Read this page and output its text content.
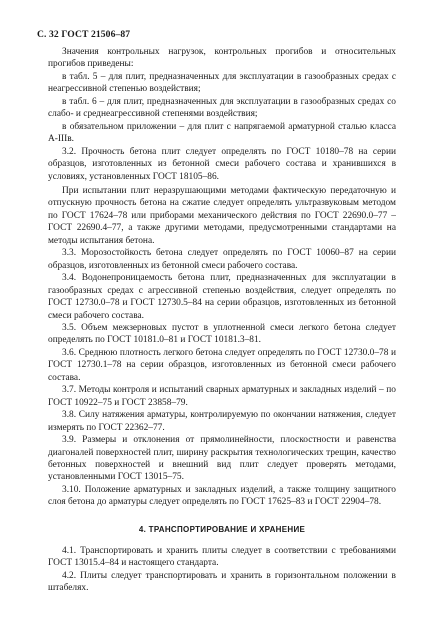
С. 32 ГОСТ 21506–87

Значения контрольных нагрузок, контрольных прогибов и относительных прогибов приведены:

в табл. 5 – для плит, предназначенных для эксплуатации в газообразных средах с неагрессивной степенью воздействия;

в табл. 6 – для плит, предназначенных для эксплуатации в газообразных средах со слабо- и среднеагрессивной степенями воздействия;

в обязательном приложении – для плит с напрягаемой арматурной сталью класса А-IIIв.

3.2. Прочность бетона плит следует определять по ГОСТ 10180–78 на серии образцов, изготовленных из бетонной смеси рабочего состава и хранившихся в условиях, установленных ГОСТ 18105–86.

При испытании плит неразрушающими методами фактическую передаточную и отпускную прочность бетона на сжатие следует определять ультразвуковым методом по ГОСТ 17624–78 или приборами механического действия по ГОСТ 22690.0–77 – ГОСТ 22690.4–77, а также другими методами, предусмотренными стандартами на методы испытания бетона.

3.3. Морозостойкость бетона следует определять по ГОСТ 10060–87 на серии образцов, изготовленных из бетонной смеси рабочего состава.

3.4. Водонепроницаемость бетона плит, предназначенных для эксплуатации в газообразных средах с агрессивной степенью воздействия, следует определять по ГОСТ 12730.0–78 и ГОСТ 12730.5–84 на серии образцов, изготовленных из бетонной смеси рабочего состава.

3.5. Объем межзерновых пустот в уплотненной смеси легкого бетона следует определять по ГОСТ 10181.0–81 и ГОСТ 10181.3–81.

3.6. Среднюю плотность легкого бетона следует определять по ГОСТ 12730.0–78 и ГОСТ 12730.1–78 на серии образцов, изготовленных из бетонной смеси рабочего состава.

3.7. Методы контроля и испытаний сварных арматурных и закладных изделий – по ГОСТ 10922–75 и ГОСТ 23858–79.

3.8. Силу натяжения арматуры, контролируемую по окончании натяжения, следует измерять по ГОСТ 22362–77.

3.9. Размеры и отклонения от прямолинейности, плоскостности и равенства диагоналей поверхностей плит, ширину раскрытия технологических трещин, качество бетонных поверхностей и внешний вид плит следует проверять методами, установленными ГОСТ 13015–75.

3.10. Положение арматурных и закладных изделий, а также толщину защитного слоя бетона до арматуры следует определять по ГОСТ 17625–83 и ГОСТ 22904–78.

4. ТРАНСПОРТИРОВАНИЕ И ХРАНЕНИЕ

4.1. Транспортировать и хранить плиты следует в соответствии с требованиями ГОСТ 13015.4–84 и настоящего стандарта.

4.2. Плиты следует транспортировать и хранить в горизонтальном положении в штабелях.
